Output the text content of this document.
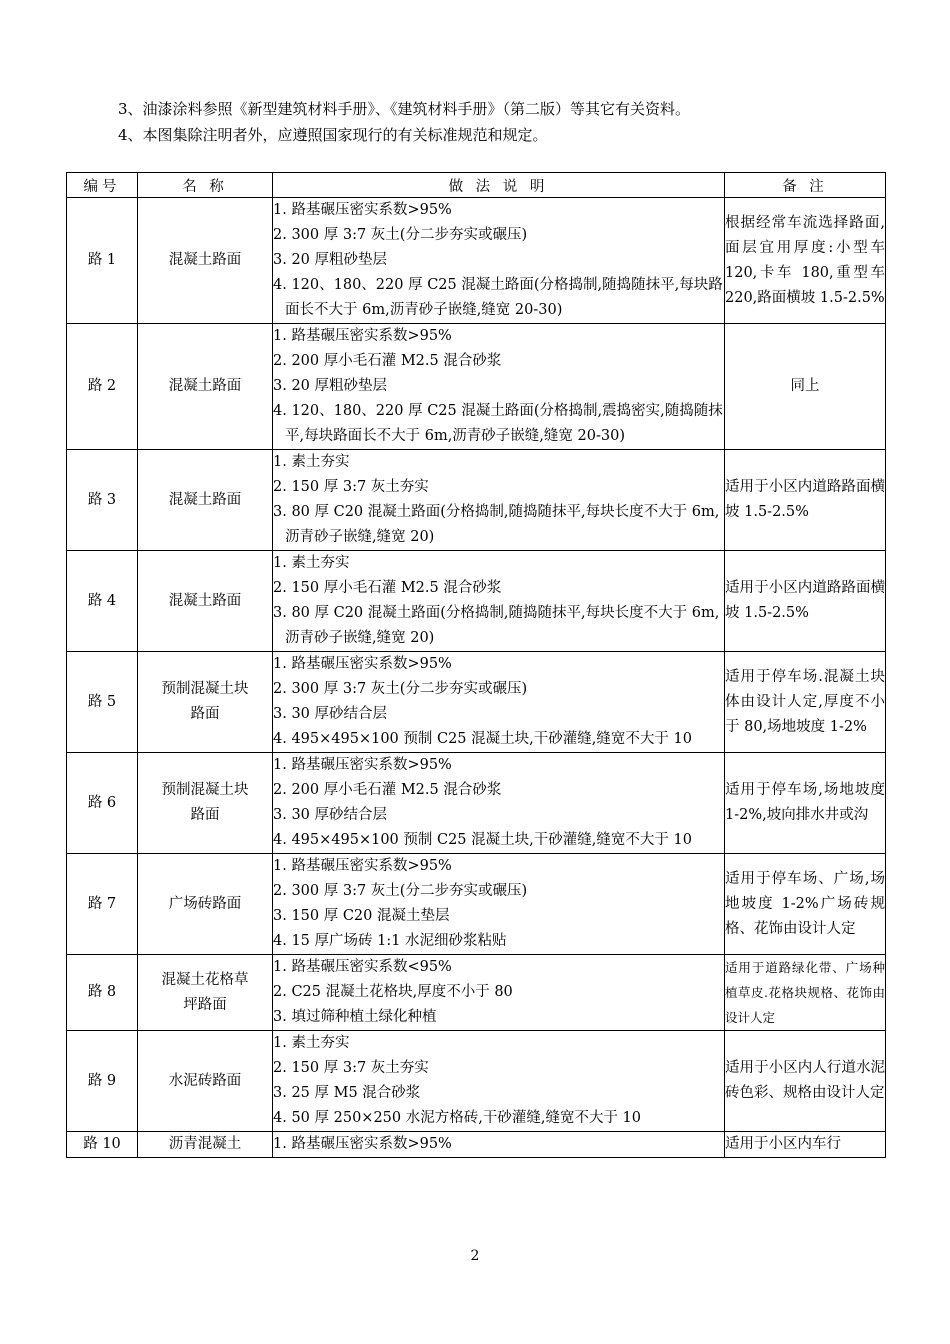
3、油漆涂料参照《新型建筑材料手册》、《建筑材料手册》（第二版）等其它有关资料。
4、本图集除注明者外，应遵照国家现行的有关标准规范和规定。
编号	名 称	做 法 说 明	备 注
路 1	混凝土路面	1. 路基碾压密实系数>95%
2. 300 厚 3:7 灰土(分二步夯实或碾压)
3. 20 厚粗砂垫层
4. 120、180、220 厚 C25 混凝土路面(分格捣制,随捣随抹平,每块路面长不大于 6m,沥青砂子嵌缝,缝宽 20-30)	根据经常车流选择路面,面层宜用厚度:小型车 120,卡车 180,重型车 220,路面横坡 1.5-2.5%
路 2	混凝土路面	1. 路基碾压密实系数>95%
2. 200 厚小毛石灌 M2.5 混合砂浆
3. 20 厚粗砂垫层
4. 120、180、220 厚 C25 混凝土路面(分格捣制,震捣密实,随捣随抹平,每块路面长不大于 6m,沥青砂子嵌缝,缝宽 20-30)	同上
路 3	混凝土路面	1. 素土夯实
2. 150 厚 3:7 灰土夯实
3. 80 厚 C20 混凝土路面(分格捣制,随捣随抹平,每块长度不大于 6m,沥青砂子嵌缝,缝宽 20)	适用于小区内道路路面横坡 1.5-2.5%
路 4	混凝土路面	1. 素土夯实
2. 150 厚小毛石灌 M2.5 混合砂浆
3. 80 厚 C20 混凝土路面(分格捣制,随捣随抹平,每块长度不大于 6m,沥青砂子嵌缝,缝宽 20)	适用于小区内道路路面横坡 1.5-2.5%
路 5	预制混凝土块路面	1. 路基碾压密实系数>95%
2. 300 厚 3:7 灰土(分二步夯实或碾压)
3. 30 厚砂结合层
4. 495×495×100 预制 C25 混凝土块,干砂灌缝,缝宽不大于 10	适用于停车场.混凝土块体由设计人定,厚度不小于 80,场地坡度 1-2%
路 6	预制混凝土块路面	1. 路基碾压密实系数>95%
2. 200 厚小毛石灌 M2.5 混合砂浆
3. 30 厚砂结合层
4. 495×495×100 预制 C25 混凝土块,干砂灌缝,缝宽不大于 10	适用于停车场,场地坡度 1-2%,坡向排水井或沟
路 7	广场砖路面	1. 路基碾压密实系数>95%
2. 300 厚 3:7 灰土(分二步夯实或碾压)
3. 150 厚 C20 混凝土垫层
4. 15 厚广场砖 1:1 水泥细砂浆粘贴	适用于停车场、广场,场地坡度 1-2%广场砖规格、花饰由设计人定
路 8	混凝土花格草坪路面	1. 路基碾压密实系数<95%
2. C25 混凝土花格块,厚度不小于 80
3. 填过筛种植土绿化种植	适用于道路绿化带、广场种植草皮.花格块规格、花饰由设计人定
路 9	水泥砖路面	1. 素土夯实
2. 150 厚 3:7 灰土夯实
3. 25 厚 M5 混合砂浆
4. 50 厚 250×250 水泥方格砖,干砂灌缝,缝宽不大于 10	适用于小区内人行道水泥砖色彩、规格由设计人定
路 10	沥青混凝土	1. 路基碾压密实系数>95%	适用于小区内车行
2
